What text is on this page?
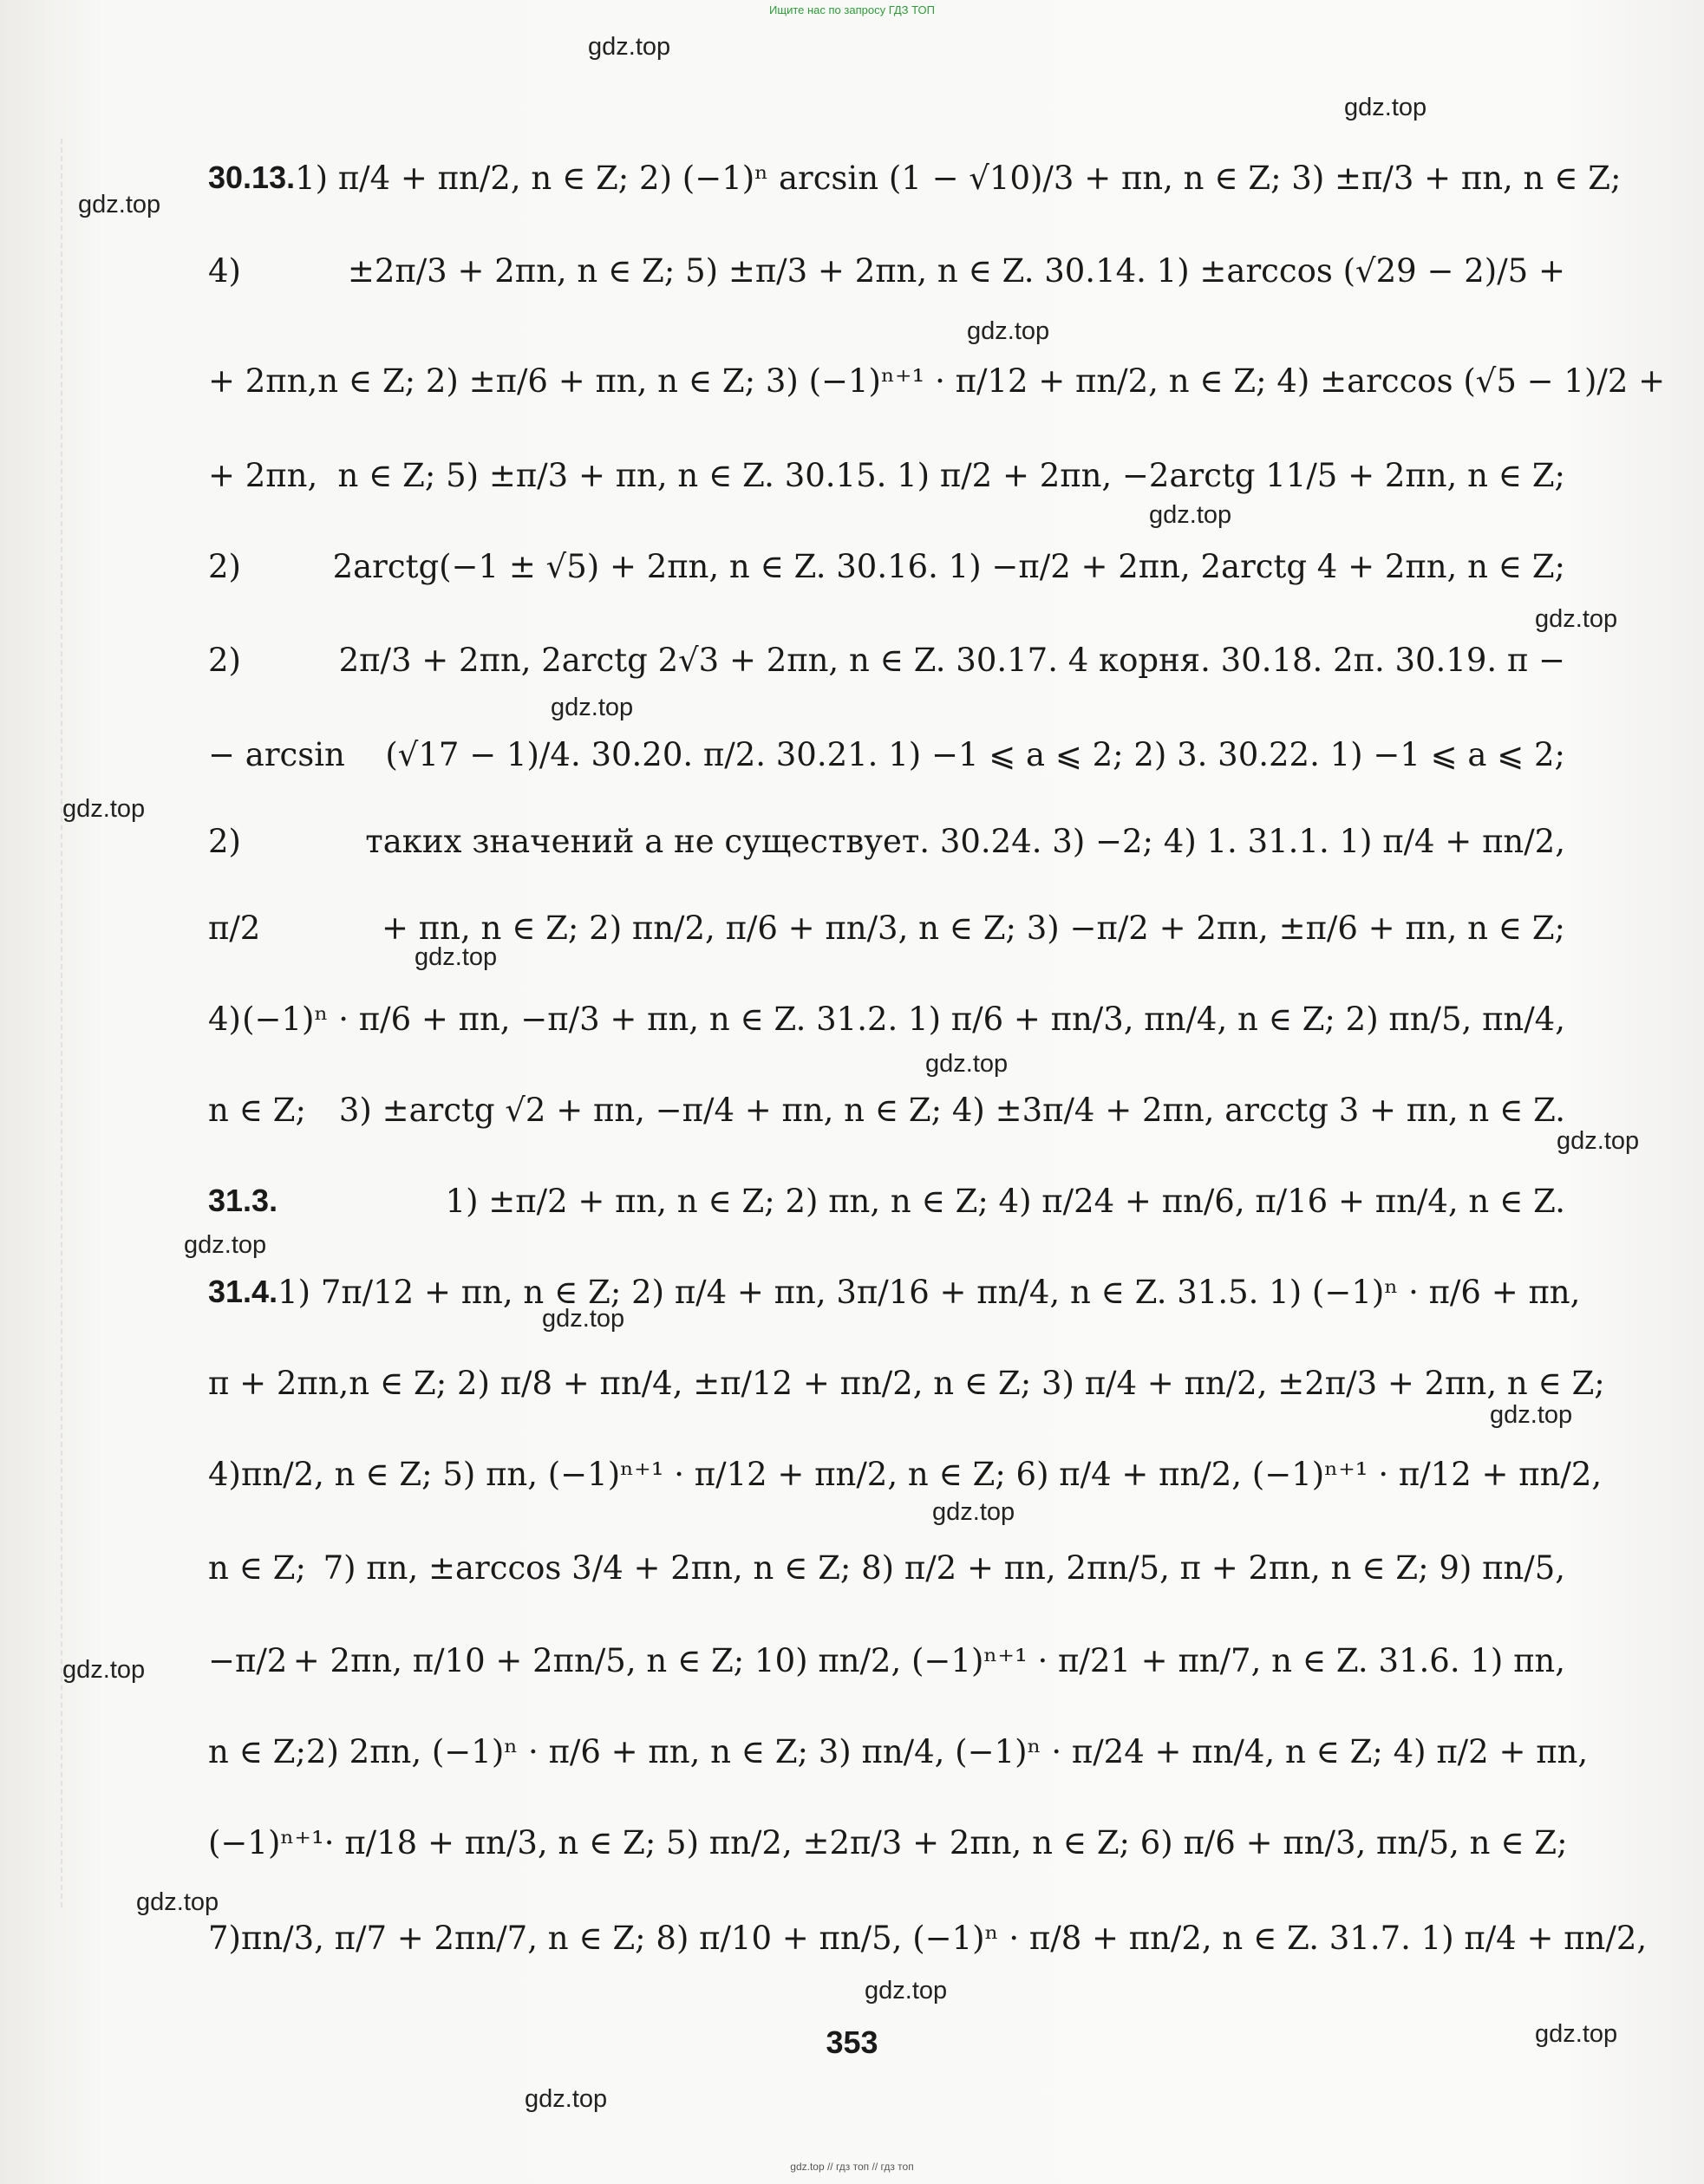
Ищите нас по запросу ГДЗ ТОП
gdz.top
gdz.top
gdz.top
gdz.top
gdz.top
gdz.top
gdz.top
gdz.top
gdz.top
gdz.top
gdz.top
gdz.top
gdz.top
gdz.top
gdz.top
gdz.top
gdz.top
gdz.top
gdz.top
gdz.top
30.13. 1) π/4 + πn/2, n ∈ Z; 2) (−1)ⁿ arcsin (1 − √10)/3 + πn, n ∈ Z; 3) ±π/3 + πn, n ∈ Z;
4)	±2π/3 + 2πn, n ∈ Z; 5) ±π/3 + 2πn, n ∈ Z. 30.14. 1) ±arccos (√29 − 2)/5 +
+ 2πn, n ∈ Z; 2) ±π/6 + πn, n ∈ Z; 3) (−1)ⁿ⁺¹ · π/12 + πn/2, n ∈ Z; 4) ±arccos (√5 − 1)/2 +
+ 2πn, n ∈ Z; 5) ±π/3 + πn, n ∈ Z. 30.15. 1) π/2 + 2πn, −2arctg 11/5 + 2πn, n ∈ Z;
2)	2arctg(−1 ± √5) + 2πn, n ∈ Z. 30.16. 1) −π/2 + 2πn, 2arctg 4 + 2πn, n ∈ Z;
2)	2π/3 + 2πn, 2arctg 2√3 + 2πn, n ∈ Z. 30.17. 4 корня. 30.18. 2π. 30.19. π −
− arcsin (√17 − 1)/4. 30.20. π/2. 30.21. 1) −1 ⩽ a ⩽ 2; 2) 3. 30.22. 1) −1 ⩽ a ⩽ 2;
2)	таких значений a не существует. 30.24. 3) −2; 4) 1. 31.1. 1) π/4 + πn/2,
π/2	+ πn, n ∈ Z; 2) πn/2, π/6 + πn/3, n ∈ Z; 3) −π/2 + 2πn, ±π/6 + πn, n ∈ Z;
4) (−1)ⁿ · π/6 + πn, −π/3 + πn, n ∈ Z. 31.2. 1) π/6 + πn/3, πn/4, n ∈ Z; 2) πn/5, πn/4,
n ∈ Z; 3) ±arctg √2 + πn, −π/4 + πn, n ∈ Z; 4) ±3π/4 + 2πn, arcctg 3 + πn, n ∈ Z.
31.3.	1) ±π/2 + πn, n ∈ Z; 2) πn, n ∈ Z; 4) π/24 + πn/6, π/16 + πn/4, n ∈ Z.
31.4. 1) 7π/12 + πn, n ∈ Z; 2) π/4 + πn, 3π/16 + πn/4, n ∈ Z. 31.5. 1) (−1)ⁿ · π/6 + πn,
π + 2πn, n ∈ Z; 2) π/8 + πn/4, ±π/12 + πn/2, n ∈ Z; 3) π/4 + πn/2, ±2π/3 + 2πn, n ∈ Z;
4) πn/2, n ∈ Z; 5) πn, (−1)ⁿ⁺¹ · π/12 + πn/2, n ∈ Z; 6) π/4 + πn/2, (−1)ⁿ⁺¹ · π/12 + πn/2,
n ∈ Z; 7) πn, ±arccos 3/4 + 2πn, n ∈ Z; 8) π/2 + πn, 2πn/5, π + 2πn, n ∈ Z; 9) πn/5,
−π/2 + 2πn, π/10 + 2πn/5, n ∈ Z; 10) πn/2, (−1)ⁿ⁺¹ · π/21 + πn/7, n ∈ Z. 31.6. 1) πn,
n ∈ Z; 2) 2πn, (−1)ⁿ · π/6 + πn, n ∈ Z; 3) πn/4, (−1)ⁿ · π/24 + πn/4, n ∈ Z; 4) π/2 + πn,
(−1)ⁿ⁺¹ · π/18 + πn/3, n ∈ Z; 5) πn/2, ±2π/3 + 2πn, n ∈ Z; 6) π/6 + πn/3, πn/5, n ∈ Z;
7) πn/3, π/7 + 2πn/7, n ∈ Z; 8) π/10 + πn/5, (−1)ⁿ · π/8 + πn/2, n ∈ Z. 31.7. 1) π/4 + πn/2,
353
gdz.top // гдз топ // гдз топ
